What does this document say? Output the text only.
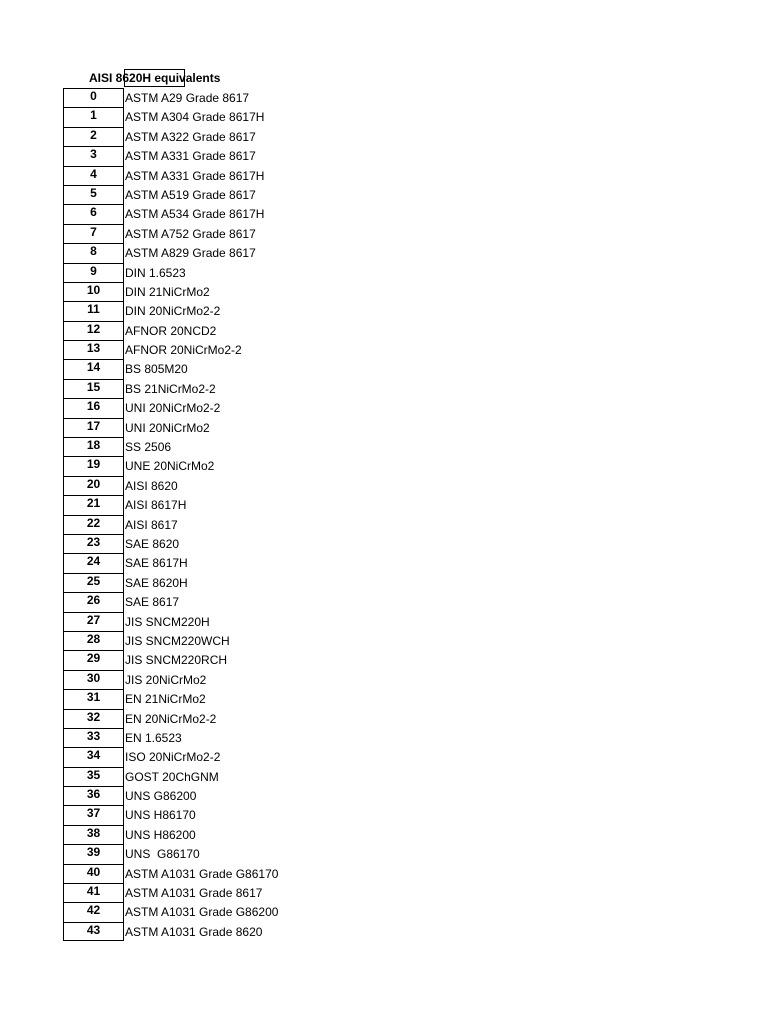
AISI 8620H equivalents
0	ASTM A29 Grade 8617
1	ASTM A304 Grade 8617H
2	ASTM A322 Grade 8617
3	ASTM A331 Grade 8617
4	ASTM A331 Grade 8617H
5	ASTM A519 Grade 8617
6	ASTM A534 Grade 8617H
7	ASTM A752 Grade 8617
8	ASTM A829 Grade 8617
9	DIN 1.6523
10	DIN 21NiCrMo2
11	DIN 20NiCrMo2-2
12	AFNOR 20NCD2
13	AFNOR 20NiCrMo2-2
14	BS 805M20
15	BS 21NiCrMo2-2
16	UNI 20NiCrMo2-2
17	UNI 20NiCrMo2
18	SS 2506
19	UNE 20NiCrMo2
20	AISI 8620
21	AISI 8617H
22	AISI 8617
23	SAE 8620
24	SAE 8617H
25	SAE 8620H
26	SAE 8617
27	JIS SNCM220H
28	JIS SNCM220WCH
29	JIS SNCM220RCH
30	JIS 20NiCrMo2
31	EN 21NiCrMo2
32	EN 20NiCrMo2-2
33	EN 1.6523
34	ISO 20NiCrMo2-2
35	GOST 20ChGNM
36	UNS G86200
37	UNS H86170
38	UNS H86200
39	UNS  G86170
40	ASTM A1031 Grade G86170
41	ASTM A1031 Grade 8617
42	ASTM A1031 Grade G86200
43	ASTM A1031 Grade 8620
